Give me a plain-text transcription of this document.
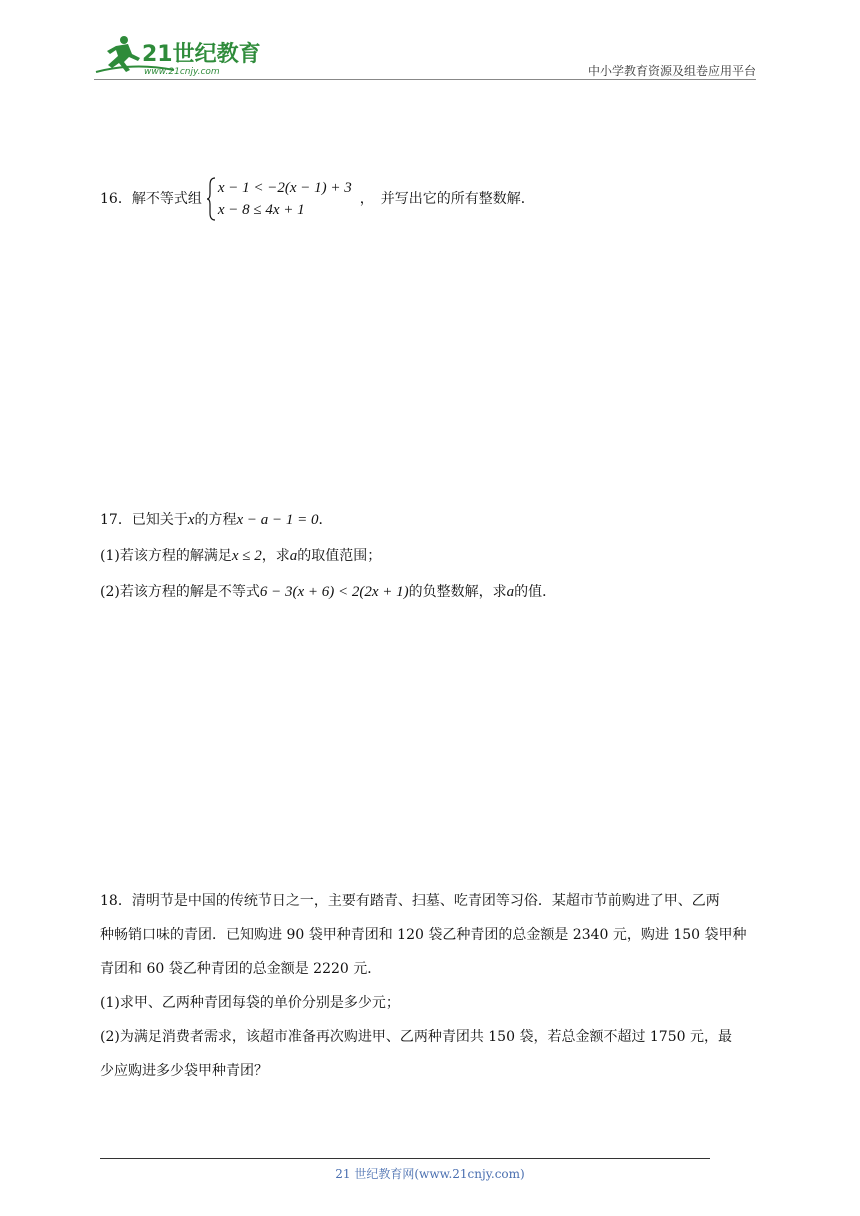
21世纪教育
www.21cnjy.com	中小学教育资源及组卷应用平台
16．解不等式组
x − 1 < −2(x − 1) + 3
x − 8 ≤ 4x + 1
，　并写出它的所有整数解．
17．已知关于x的方程x − a − 1 = 0．
(1)若该方程的解满足x ≤ 2，求a的取值范围；
(2)若该方程的解是不等式6 − 3(x + 6) < 2(2x + 1)的负整数解，求a的值．
18．清明节是中国的传统节日之一，主要有踏青、扫墓、吃青团等习俗．某超市节前购进了甲、乙两
种畅销口味的青团．已知购进 90 袋甲种青团和 120 袋乙种青团的总金额是 2340 元，购进 150 袋甲种
青团和 60 袋乙种青团的总金额是 2220 元．
(1)求甲、乙两种青团每袋的单价分别是多少元；
(2)为满足消费者需求，该超市准备再次购进甲、乙两种青团共 150 袋，若总金额不超过 1750 元，最
少应购进多少袋甲种青团？
21 世纪教育网(www.21cnjy.com)
